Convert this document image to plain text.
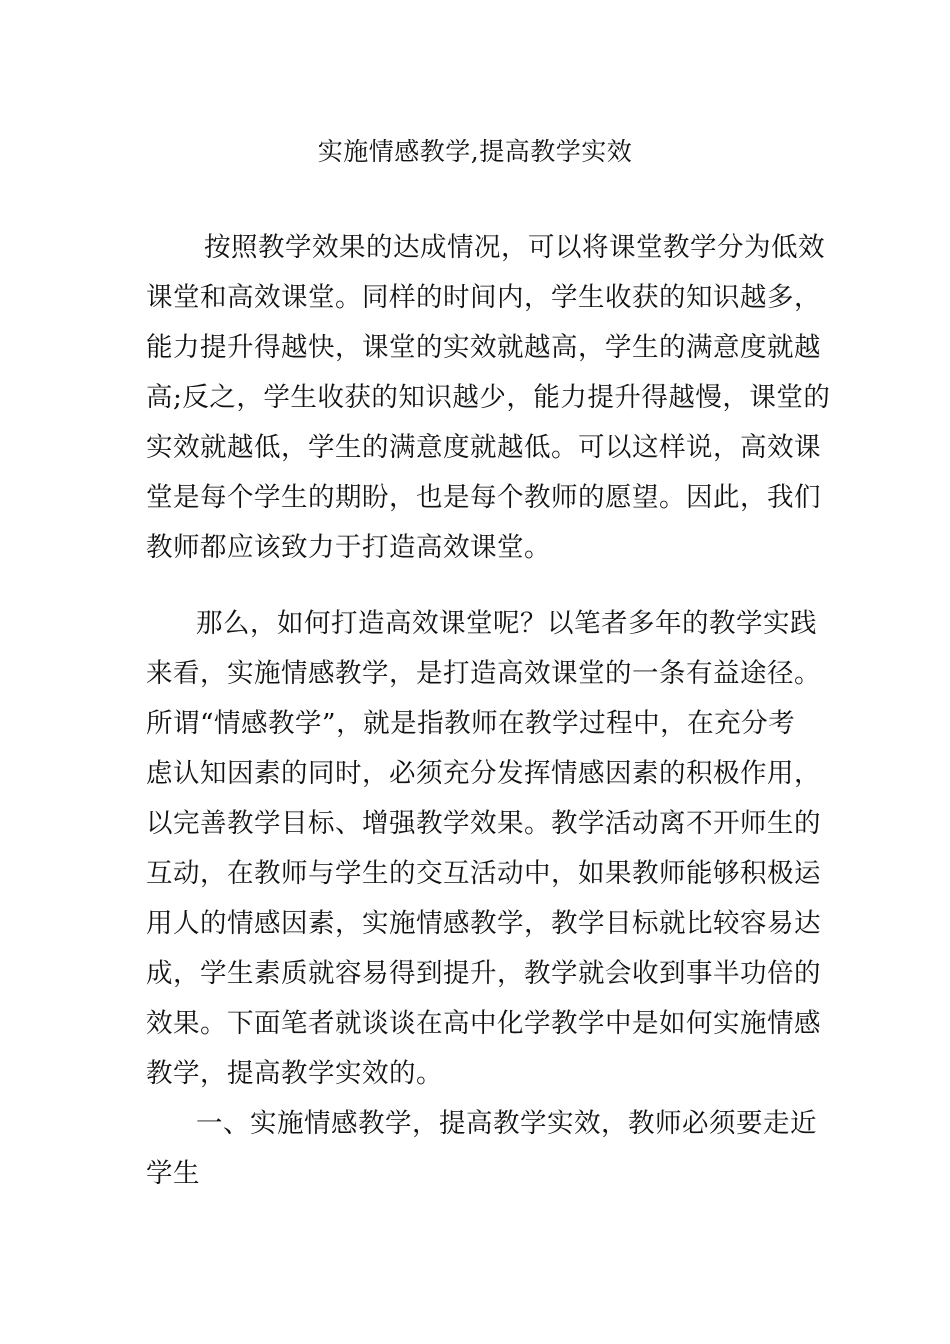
实施情感教学,提高教学实效
按照教学效果的达成情况，可以将课堂教学分为低效
课堂和高效课堂。同样的时间内，学生收获的知识越多，
能力提升得越快，课堂的实效就越高，学生的满意度就越
高;反之，学生收获的知识越少，能力提升得越慢，课堂的
实效就越低，学生的满意度就越低。可以这样说，高效课
堂是每个学生的期盼，也是每个教师的愿望。因此，我们
教师都应该致力于打造高效课堂。
那么，如何打造高效课堂呢？以笔者多年的教学实践
来看，实施情感教学，是打造高效课堂的一条有益途径。
所谓“情感教学”，就是指教师在教学过程中，在充分考
虑认知因素的同时，必须充分发挥情感因素的积极作用，
以完善教学目标、增强教学效果。教学活动离不开师生的
互动，在教师与学生的交互活动中，如果教师能够积极运
用人的情感因素，实施情感教学，教学目标就比较容易达
成，学生素质就容易得到提升，教学就会收到事半功倍的
效果。下面笔者就谈谈在高中化学教学中是如何实施情感
教学，提高教学实效的。
一、实施情感教学，提高教学实效，教师必须要走近
学生
